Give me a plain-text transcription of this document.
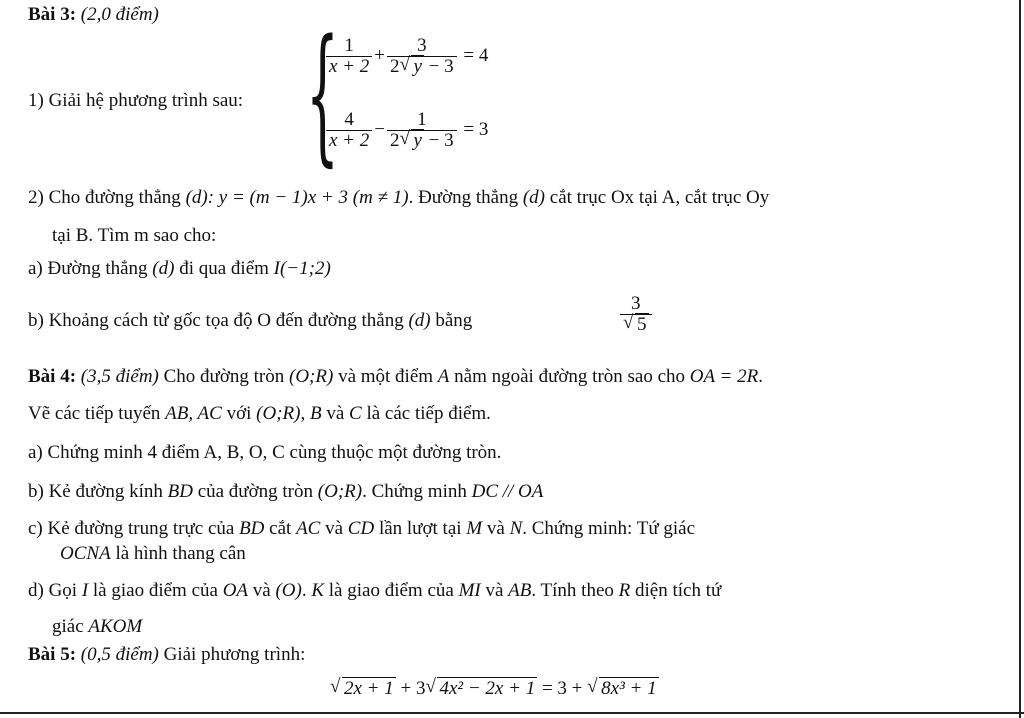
Bài 3: (2,0 điểm)
1) Giải hệ phương trình sau: {
$\frac{1}{x + 2} + \frac{3}{2 √ y - 3} = 4$
$\frac{4}{x + 2} - \frac{1}{2 √ y - 3} = 3$
2) Cho đường thẳng (d): y = (m − 1)x + 3 (m ≠ 1). Đường thẳng (d) cắt trục Ox tại A, cắt trục Oy
tại B. Tìm m sao cho:
a) Đường thẳng (d) đi qua điểm I(−1;2)
b) Khoảng cách từ gốc tọa độ O đến đường thẳng (d) bằng	3
√ 5
Bài 4: (3,5 điểm) Cho đường tròn (O;R) và một điểm A nằm ngoài đường tròn sao cho OA = 2R.
Vẽ các tiếp tuyến AB, AC với (O;R), B và C là các tiếp điểm.
a) Chứng minh 4 điểm A, B, O, C cùng thuộc một đường tròn.
b) Kẻ đường kính BD của đường tròn (O;R). Chứng minh DC // OA
c) Kẻ đường trung trực của BD cắt AC và CD lần lượt tại M và N. Chứng minh: Tứ giác
OCNA là hình thang cân
d) Gọi I là giao điểm của OA và (O). K là giao điểm của MI và AB. Tính theo R diện tích tứ
giác AKOM
Bài 5: (0,5 điểm) Giải phương trình:
√ 2x + 1 + 3 √ 4x² − 2x + 1 = 3 + √ 8x³ + 1
